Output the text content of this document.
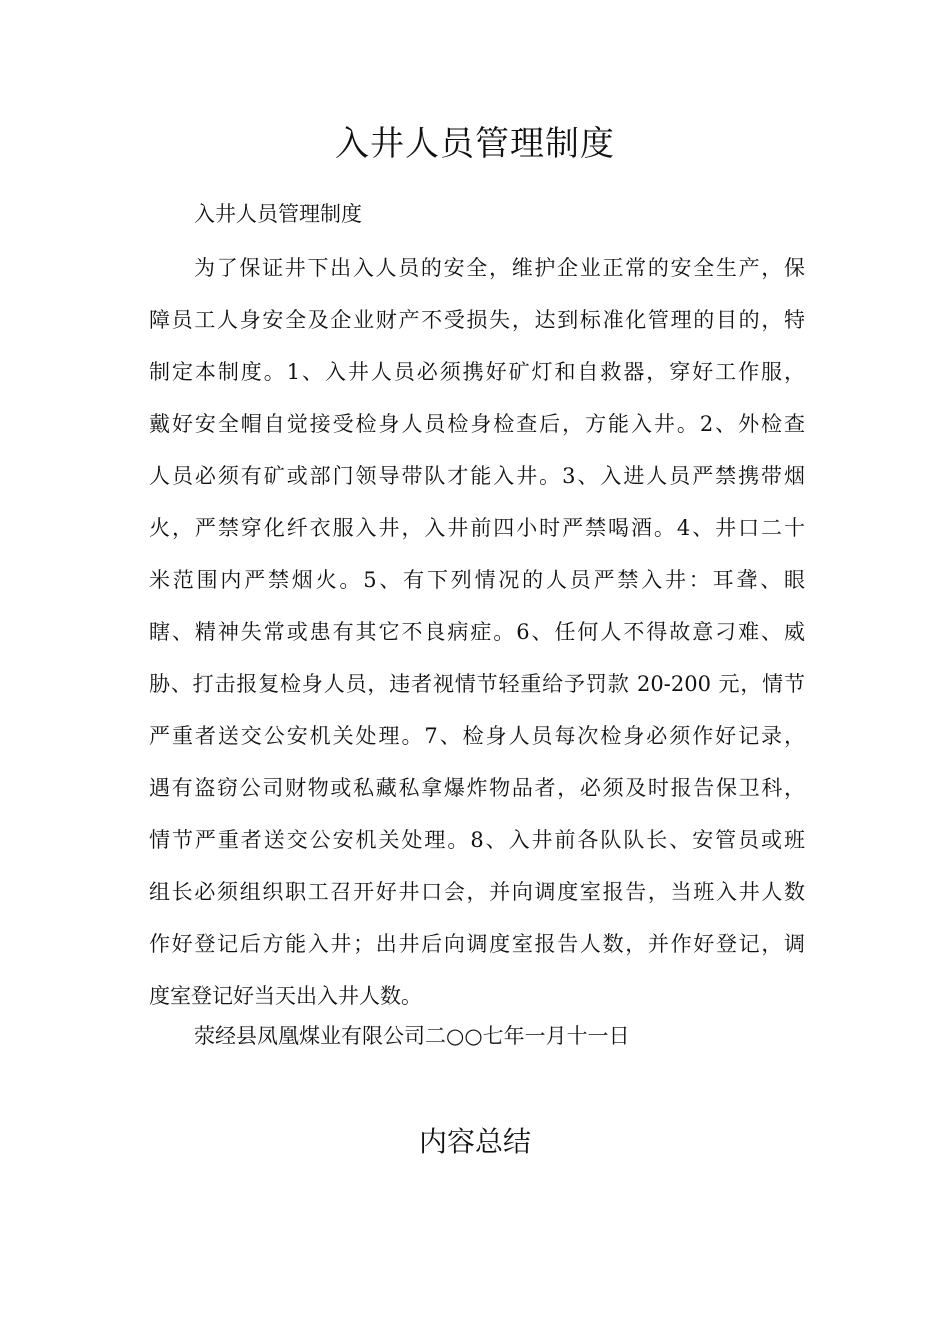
入井人员管理制度
入井人员管理制度
为了保证井下出入人员的安全，维护企业正常的安全生产，保
障员工人身安全及企业财产不受损失，达到标准化管理的目的，特
制定本制度。1、入井人员必须携好矿灯和自救器，穿好工作服，
戴好安全帽自觉接受检身人员检身检查后，方能入井。2、外检查
人员必须有矿或部门领导带队才能入井。3、入进人员严禁携带烟
火，严禁穿化纤衣服入井，入井前四小时严禁喝酒。4、井口二十
米范围内严禁烟火。5、有下列情况的人员严禁入井：耳聋、眼
瞎、精神失常或患有其它不良病症。6、任何人不得故意刁难、威
胁、打击报复检身人员，违者视情节轻重给予罚款 20-200 元，情节
严重者送交公安机关处理。7、检身人员每次检身必须作好记录，
遇有盗窃公司财物或私藏私拿爆炸物品者，必须及时报告保卫科，
情节严重者送交公安机关处理。8、入井前各队队长、安管员或班
组长必须组织职工召开好井口会，并向调度室报告，当班入井人数
作好登记后方能入井；出井后向调度室报告人数，并作好登记，调
度室登记好当天出入井人数。
荥经县凤凰煤业有限公司二○○七年一月十一日
内容总结
